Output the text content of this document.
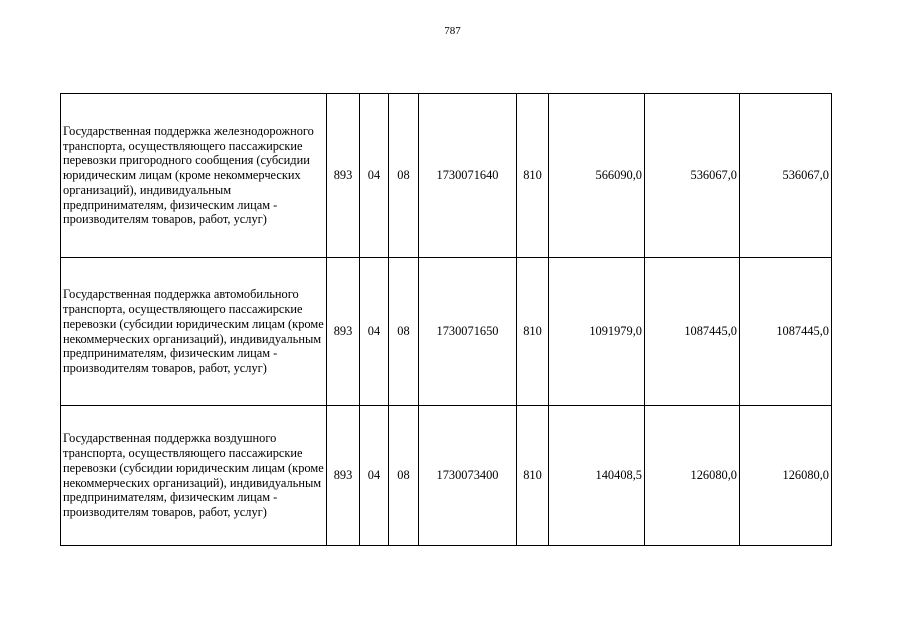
787
Государственная поддержка железнодорожного транспорта, осуществляющего пассажирские перевозки пригородного сообщения (субсидии юридическим лицам (кроме некоммерческих организаций), индивидуальным предпринимателям, физическим лицам - производителям товаров, работ, услуг)	893	04	08	1730071640	810	566090,0	536067,0	536067,0
Государственная поддержка автомобильного транспорта, осуществляющего пассажирские перевозки (субсидии юридическим лицам (кроме некоммерческих организаций), индивидуальным предпринимателям, физическим лицам - производителям товаров, работ, услуг)	893	04	08	1730071650	810	1091979,0	1087445,0	1087445,0
Государственная поддержка воздушного транспорта, осуществляющего пассажирские перевозки (субсидии юридическим лицам (кроме некоммерческих организаций), индивидуальным предпринимателям, физическим лицам - производителям товаров, работ, услуг)	893	04	08	1730073400	810	140408,5	126080,0	126080,0
